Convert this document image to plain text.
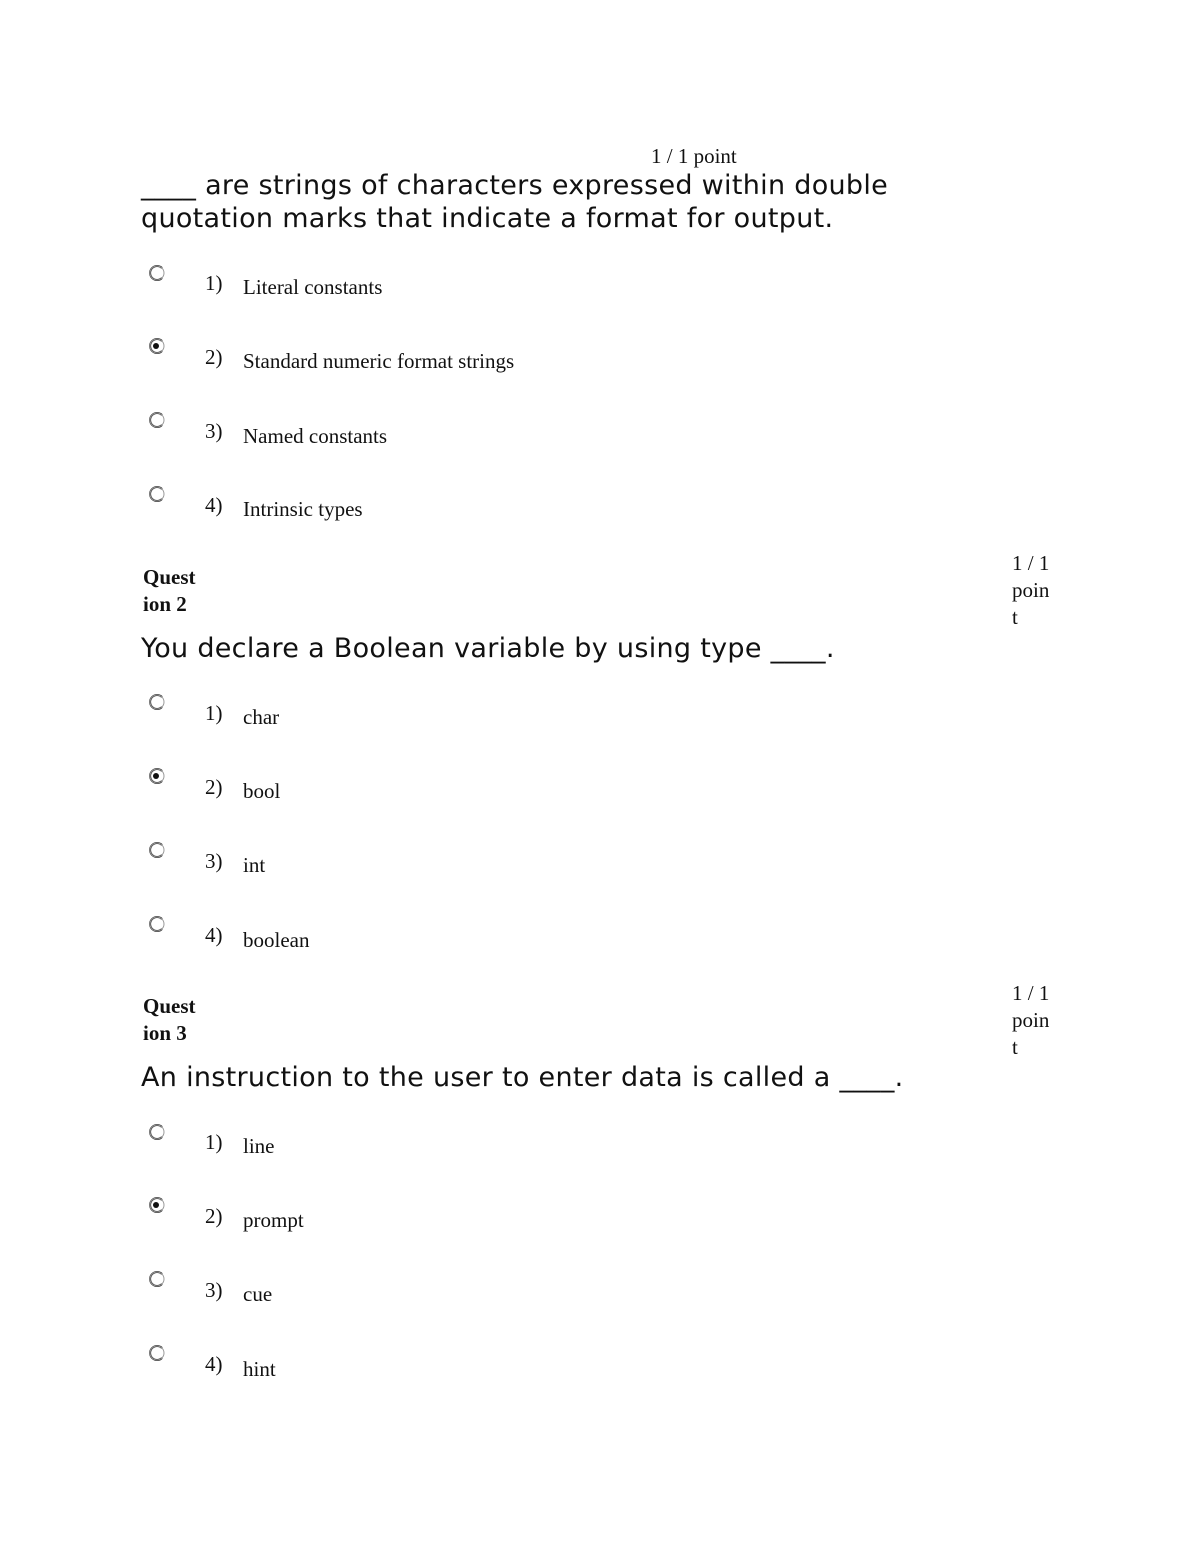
1 / 1 point
____ are strings of characters expressed within double quotation marks that indicate a format for output.
1) Literal constants
2) Standard numeric format strings
3) Named constants
4) Intrinsic types
Quest
ion 2
1 / 1
poin
t
You declare a Boolean variable by using type ____.
1) char
2) bool
3) int
4) boolean
Quest
ion 3
1 / 1
poin
t
An instruction to the user to enter data is called a ____.
1) line
2) prompt
3) cue
4) hint
